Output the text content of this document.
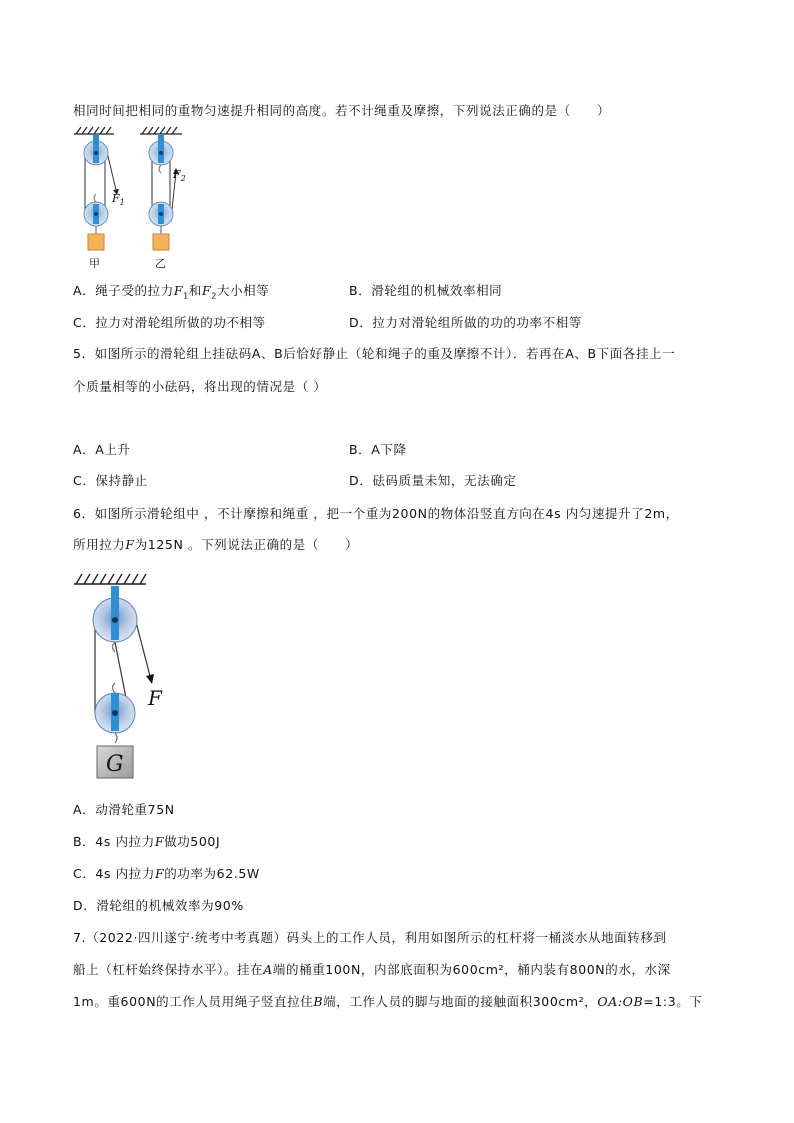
相同时间把相同的重物匀速提升相同的高度。若不计绳重及摩擦，下列说法正确的是（　　）
$F_1$
$F_2$
甲	乙
A．绳子受的拉力$F_1$和$F_2$大小相等	B．滑轮组的机械效率相同
C．拉力对滑轮组所做的功不相等	D．拉力对滑轮组所做的功的功率不相等
5．如图所示的滑轮组上挂砝码A、B后恰好静止（轮和绳子的重及摩擦不计）．若再在A、B下面各挂上一
个质量相等的小砝码，将出现的情况是（ ）
A．A上升	B．A下降
C．保持静止	D．砝码质量未知，无法确定
6．如图所示滑轮组中 ，不计摩擦和绳重 ，把一个重为200N的物体沿竖直方向在4s 内匀速提升了2m，
所用拉力F为125N 。下列说法正确的是（　　）
F
G
A．动滑轮重75N
B．4s 内拉力F做功500J
C．4s 内拉力F的功率为62.5W
D．滑轮组的机械效率为90%
7.（2022·四川遂宁·统考中考真题）码头上的工作人员，利用如图所示的杠杆将一桶淡水从地面转移到
船上（杠杆始终保持水平）。挂在A端的桶重100N，内部底面积为600cm²，桶内装有800N的水，水深
1m。重600N的工作人员用绳子竖直拉住B端，工作人员的脚与地面的接触面积300cm²，OA:OB=1:3。下
